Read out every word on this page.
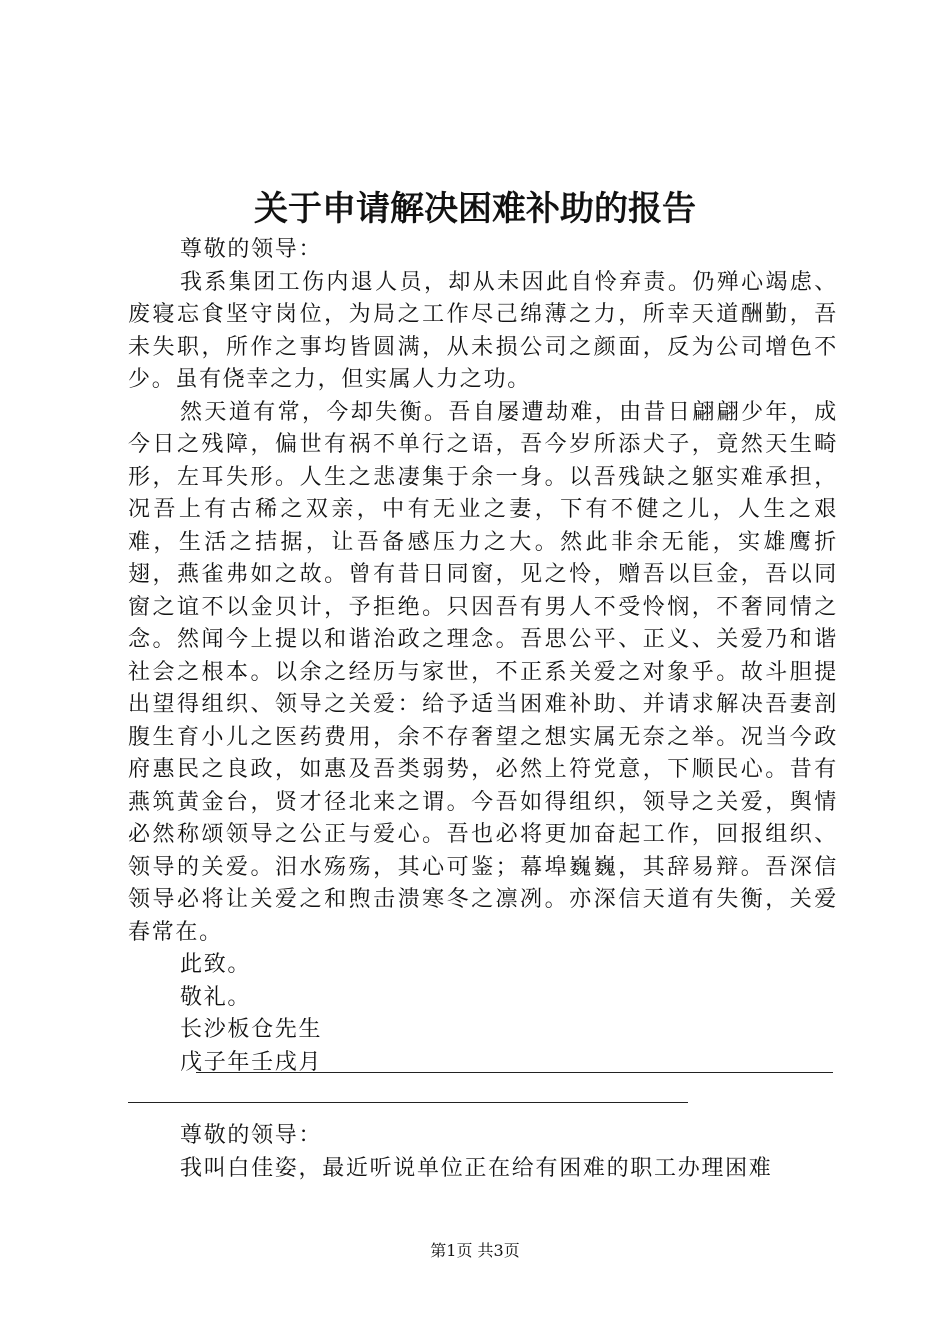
关于申请解决困难补助的报告

尊敬的领导：

我系集团工伤内退人员，却从未因此自怜弃责。仍殚心竭虑、废寝忘食坚守岗位，为局之工作尽己绵薄之力，所幸天道酬勤，吾未失职，所作之事均皆圆满，从未损公司之颜面，反为公司增色不少。虽有侥幸之力，但实属人力之功。

然天道有常，今却失衡。吾自屡遭劫难，由昔日翩翩少年，成今日之残障，偏世有祸不单行之语，吾今岁所添犬子，竟然天生畸形，左耳失形。人生之悲凄集于余一身。以吾残缺之躯实难承担，况吾上有古稀之双亲，中有无业之妻，下有不健之儿，人生之艰难，生活之拮据，让吾备感压力之大。然此非余无能，实雄鹰折翅，燕雀弗如之故。曾有昔日同窗，见之怜，赠吾以巨金，吾以同窗之谊不以金贝计，予拒绝。只因吾有男人不受怜悯，不奢同情之念。然闻今上提以和谐治政之理念。吾思公平、正义、关爱乃和谐社会之根本。以余之经历与家世，不正系关爱之对象乎。故斗胆提出望得组织、领导之关爱：给予适当困难补助、并请求解决吾妻剖腹生育小儿之医药费用，余不存奢望之想实属无奈之举。况当今政府惠民之良政，如惠及吾类弱势，必然上符党意，下顺民心。昔有燕筑黄金台，贤才径北来之谓。今吾如得组织，领导之关爱，舆情必然称颂领导之公正与爱心。吾也必将更加奋起工作，回报组织、领导的关爱。汨水殇殇，其心可鉴；幕埠巍巍，其辞易辩。吾深信领导必将让关爱之和煦击溃寒冬之凛冽。亦深信天道有失衡，关爱春常在。

此致。

敬礼。

长沙板仓先生

戊子年壬戌月

尊敬的领导：

我叫白佳姿，最近听说单位正在给有困难的职工办理困难

第1页 共3页
